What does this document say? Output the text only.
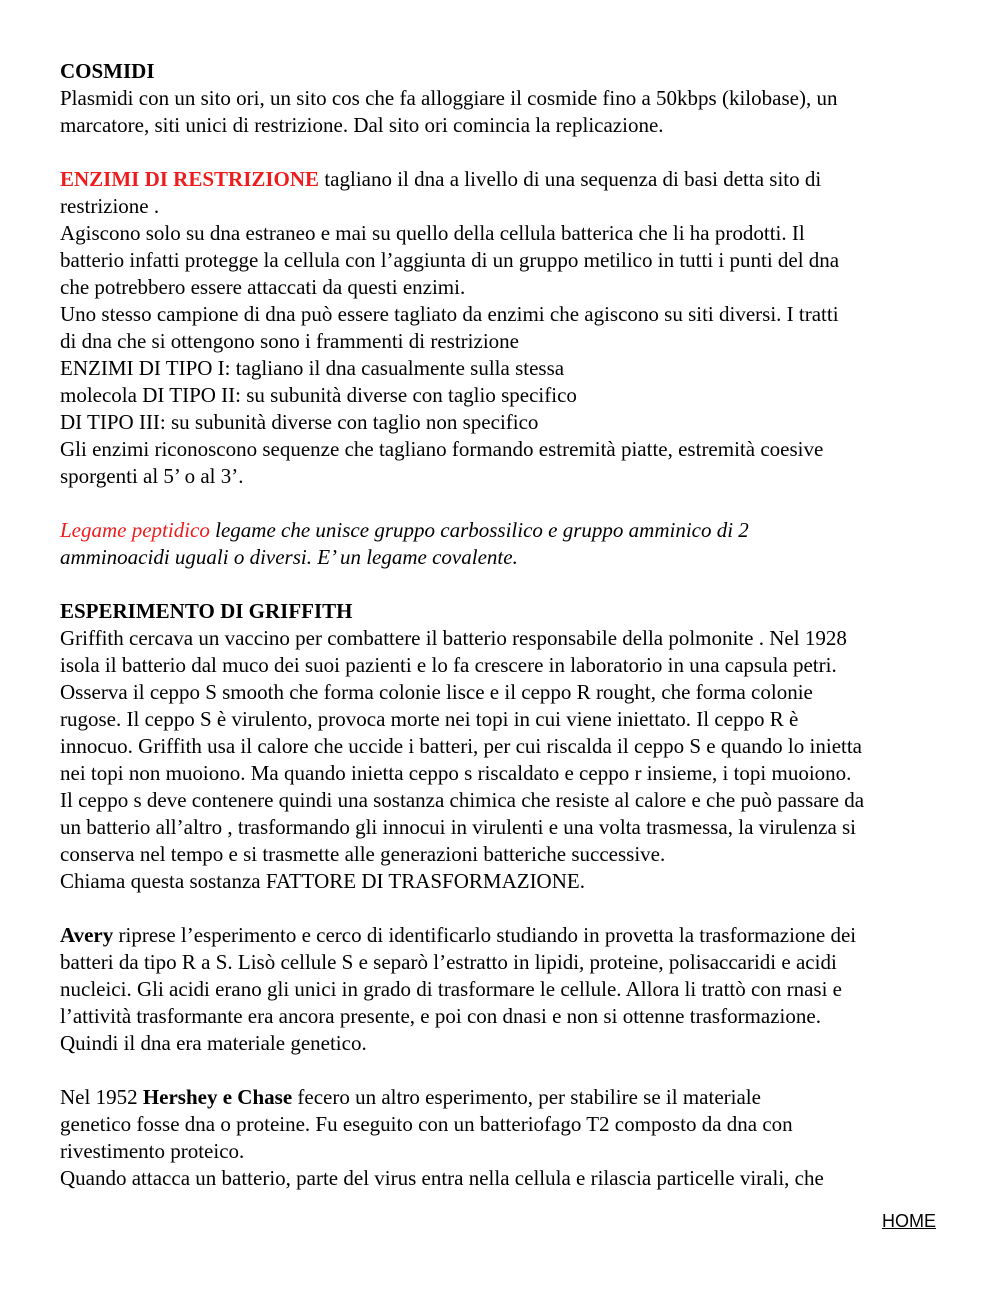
COSMIDI

Plasmidi con un sito ori, un sito cos che fa alloggiare il cosmide fino a 50kbps (kilobase), un

marcatore, siti unici di restrizione. Dal sito ori comincia la replicazione.

ENZIMI DI RESTRIZIONE tagliano il dna a livello di una sequenza di basi detta sito di

restrizione .

Agiscono solo su dna estraneo e mai su quello della cellula batterica che li ha prodotti. Il

batterio infatti protegge la cellula con l’aggiunta di un gruppo metilico in tutti i punti del dna

che potrebbero essere attaccati da questi enzimi.

Uno stesso campione di dna può essere tagliato da enzimi che agiscono su siti diversi. I tratti

di dna che si ottengono sono i frammenti di restrizione

ENZIMI DI TIPO I: tagliano il dna casualmente sulla stessa

molecola DI TIPO II: su subunità diverse con taglio specifico

DI TIPO III: su subunità diverse con taglio non specifico

Gli enzimi riconoscono sequenze che tagliano formando estremità piatte, estremità coesive

sporgenti al 5’ o al 3’.

Legame peptidico legame che unisce gruppo carbossilico e gruppo amminico di 2

amminoacidi uguali o diversi. E’ un legame covalente.

ESPERIMENTO DI GRIFFITH

Griffith cercava un vaccino per combattere il batterio responsabile della polmonite . Nel 1928

isola il batterio dal muco dei suoi pazienti e lo fa crescere in laboratorio in una capsula petri.

Osserva il ceppo S smooth che forma colonie lisce e il ceppo R rought, che forma colonie

rugose. Il ceppo S è virulento, provoca morte nei topi in cui viene iniettato. Il ceppo R è

innocuo. Griffith usa il calore che uccide i batteri, per cui riscalda il ceppo S e quando lo inietta

nei topi non muoiono. Ma quando inietta ceppo s riscaldato e ceppo r insieme, i topi muoiono.

Il ceppo s deve contenere quindi una sostanza chimica che resiste al calore e che può passare da

un batterio all’altro , trasformando gli innocui in virulenti e una volta trasmessa, la virulenza si

conserva nel tempo e si trasmette alle generazioni batteriche successive.

Chiama questa sostanza FATTORE DI TRASFORMAZIONE.

Avery riprese l’esperimento e cerco di identificarlo studiando in provetta la trasformazione dei

batteri da tipo R a S. Lisò cellule S e separò l’estratto in lipidi, proteine, polisaccaridi e acidi

nucleici. Gli acidi erano gli unici in grado di trasformare le cellule. Allora li trattò con rnasi e

l’attività trasformante era ancora presente, e poi con dnasi e non si ottenne trasformazione.

Quindi il dna era materiale genetico.

Nel 1952 Hershey e Chase fecero un altro esperimento, per stabilire se il materiale

genetico fosse dna o proteine. Fu eseguito con un batteriofago T2 composto da dna con

rivestimento proteico.

Quando attacca un batterio, parte del virus entra nella cellula e rilascia particelle virali, che

HOME
